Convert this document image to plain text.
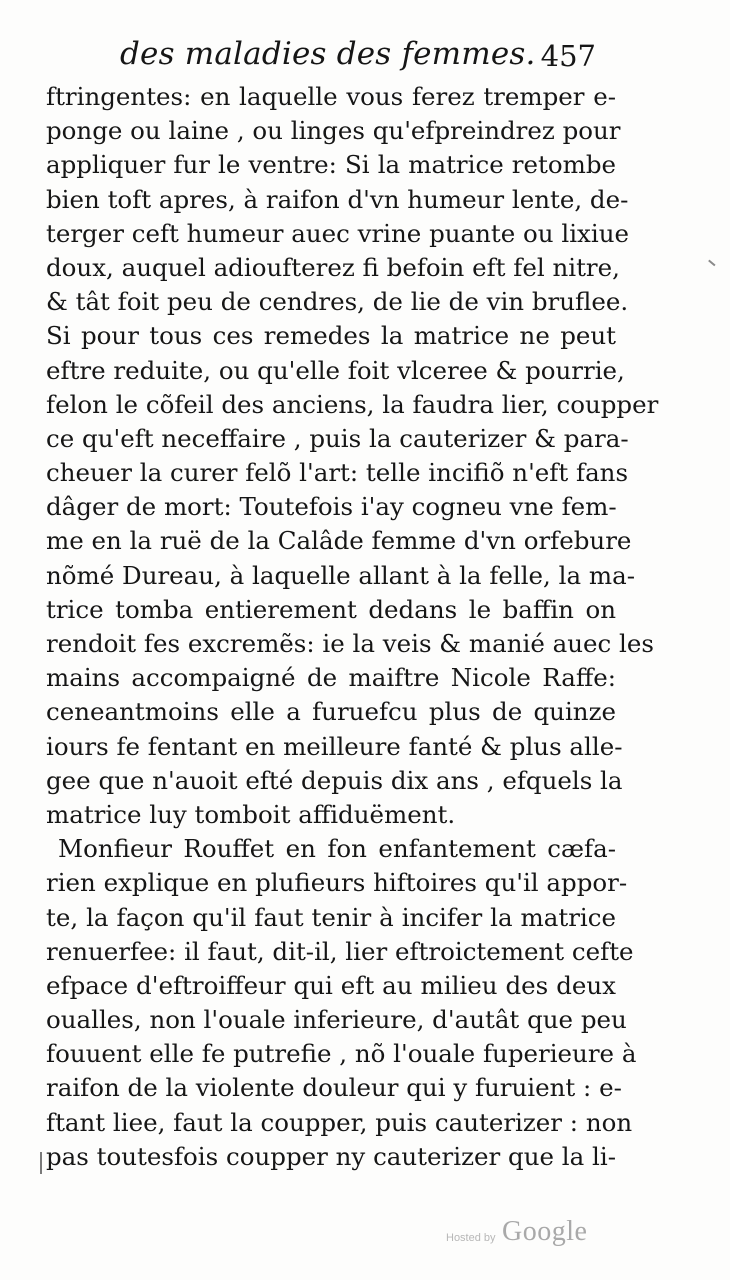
des maladies des femmes. 457
ftringentes: en laquelle vous ferez tremper e-
ponge ou laine , ou linges qu'efpreindrez pour
appliquer fur le ventre: Si la matrice retombe
bien toft apres, à raifon d'vn humeur lente, de-
terger ceft humeur auec vrine puante ou lixiue
doux, auquel adioufterez fi befoin eft fel nitre,
& tât foit peu de cendres, de lie de vin bruflee.
Si pour tous ces remedes la matrice ne peut
eftre reduite, ou qu'elle foit vlceree & pourrie,
felon le cõfeil des anciens, la faudra lier, coupper
ce qu'eft neceffaire , puis la cauterizer & para-
cheuer la curer felõ l'art: telle incifiõ n'eft fans
dâger de mort: Toutefois i'ay cogneu vne fem-
me en la ruë de la Calâde femme d'vn orfebure
nõmé Dureau, à laquelle allant à la felle, la ma-
trice tomba entierement dedans le baffin on
rendoit fes excremẽs: ie la veis & manié auec les
mains accompaigné de maiftre Nicole Raffe:
ceneantmoins elle a furuefcu plus de quinze
iours fe fentant en meilleure fanté & plus alle-
gee que n'auoit efté depuis dix ans , efquels la
matrice luy tomboit affiduëment.
Monfieur Rouffet en fon enfantement cæfa-
rien explique en plufieurs hiftoires qu'il appor-
te, la façon qu'il faut tenir à incifer la matrice
renuerfee: il faut, dit-il, lier eftroictement cefte
efpace d'eftroiffeur qui eft au milieu des deux
oualles, non l'ouale inferieure, d'autât que peu
fouuent elle fe putrefie , nõ l'ouale fuperieure à
raifon de la violente douleur qui y furuient : e-
ftant liee, faut la coupper, puis cauterizer : non
pas toutesfois coupper ny cauterizer que la li-
Hosted by Google
